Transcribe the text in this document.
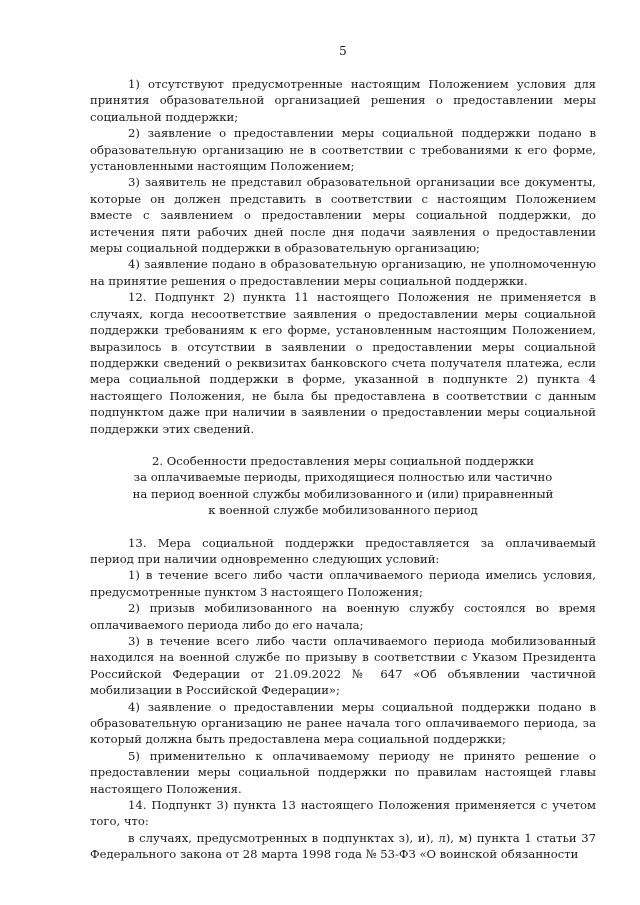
5

1) отсутствуют предусмотренные настоящим Положением условия для принятия образовательной организацией решения о предоставлении меры социальной поддержки;

2) заявление о предоставлении меры социальной поддержки подано в образовательную организацию не в соответствии с требованиями к его форме, установленными настоящим Положением;

3) заявитель не представил образовательной организации все документы, которые он должен представить в соответствии с настоящим Положением вместе с заявлением о предоставлении меры социальной поддержки, до истечения пяти рабочих дней после дня подачи заявления о предоставлении меры социальной поддержки в образовательную организацию;

4) заявление подано в образовательную организацию, не уполномоченную на принятие решения о предоставлении меры социальной поддержки.

12. Подпункт 2) пункта 11 настоящего Положения не применяется в случаях, когда несоответствие заявления о предоставлении меры социальной поддержки требованиям к его форме, установленным настоящим Положением, выразилось в отсутствии в заявлении о предоставлении меры социальной поддержки сведений о реквизитах банковского счета получателя платежа, если мера социальной поддержки в форме, указанной в подпункте 2) пункта 4 настоящего Положения, не была бы предоставлена в соответствии с данным подпунктом даже при наличии в заявлении о предоставлении меры социальной поддержки этих сведений.

2. Особенности предоставления меры социальной поддержки
за оплачиваемые периоды, приходящиеся полностью или частично
на период военной службы мобилизованного и (или) приравненный
к военной службе мобилизованного период

13. Мера социальной поддержки предоставляется за оплачиваемый период при наличии одновременно следующих условий:

1) в течение всего либо части оплачиваемого периода имелись условия, предусмотренные пунктом 3 настоящего Положения;

2) призыв мобилизованного на военную службу состоялся во время оплачиваемого периода либо до его начала;

3) в течение всего либо части оплачиваемого периода мобилизованный находился на военной службе по призыву в соответствии с Указом Президента Российской Федерации от 21.09.2022 № 647 «Об объявлении частичной мобилизации в Российской Федерации»;

4) заявление о предоставлении меры социальной поддержки подано в образовательную организацию не ранее начала того оплачиваемого периода, за который должна быть предоставлена мера социальной поддержки;

5) применительно к оплачиваемому периоду не принято решение о предоставлении меры социальной поддержки по правилам настоящей главы настоящего Положения.

14. Подпункт 3) пункта 13 настоящего Положения применяется с учетом того, что:

в случаях, предусмотренных в подпунктах з), и), л), м) пункта 1 статьи 37 Федерального закона от 28 марта 1998 года № 53-ФЗ «О воинской обязанности
